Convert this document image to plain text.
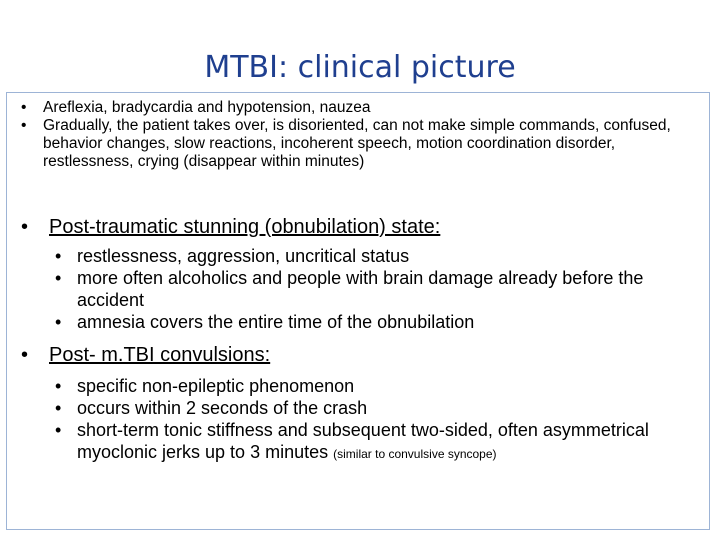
MTBI: clinical picture
• Areflexia, bradycardia and hypotension, nauzea
• Gradually, the patient takes over, is disoriented, can not make simple commands, confused, behavior changes, slow reactions, incoherent speech, motion coordination disorder, restlessness, crying (disappear within minutes)
• Post-traumatic stunning (obnubilation) state:
• restlessness, aggression, uncritical status
• more often alcoholics and people with brain damage already before the accident
• amnesia covers the entire time of the obnubilation
• Post- m.TBI convulsions:
• specific non-epileptic phenomenon
• occurs within 2 seconds of the crash
• short-term tonic stiffness and subsequent two-sided, often asymmetrical myoclonic jerks up to 3 minutes (similar to convulsive syncope)
